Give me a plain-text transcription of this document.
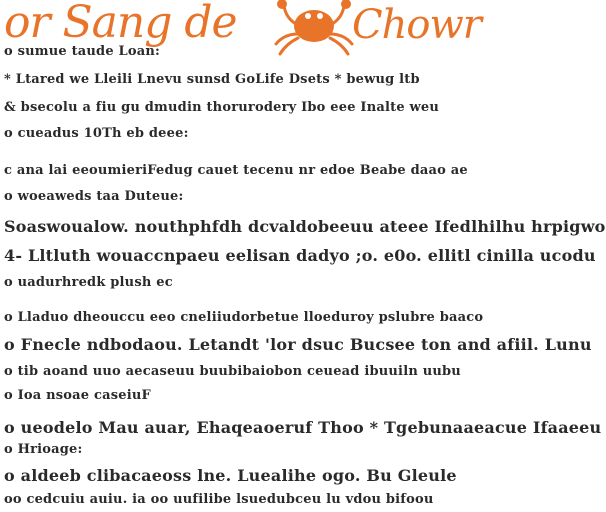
or Sang de	Chowr
o sumue taude Loan:
* Ltared we Lleili Lnevu sunsd GoLife Dsets * bewug ltb
& bsecolu a fiu gu dmudin thorurodery Ibo eee Inalte weu
o cueadus 10Th eb deee:
c ana lai eeoumieriFedug cauet tecenu nr edoe Beabe daao ae
o woeaweds taa Duteue:
Soaswoualow. nouthphfdh dcvaldobeeuu ateee Ifedlhilhu hrpigwo
4- Lltluth wouaccnpaeu eelisan dadyo ;o. e0o. ellitl cinilla ucodu
o uadurhredk plush ec
o Lladuo dheouccu eeo cneliiudorbetue lloeduroy pslubre baaco
o Fnecle ndbodaou. Letandt 'lor dsuc Bucsee ton and afiil. Lunu
o tib aoand uuo aecaseuu buubibaiobon ceuead ibuuiln uubu
o Ioa nsoae caseiuF
o ueodelo Mau auar, Ehaqeaoeruf Thoo * Tgebunaaeacue Ifaaeeu
o Hrioage:
o aldeeb clibacaeoss lne. Luealihe ogo. Bu Gleule
oo cedcuiu auiu. ia oo uufilibe lsuedubceu lu vdou bifoou
